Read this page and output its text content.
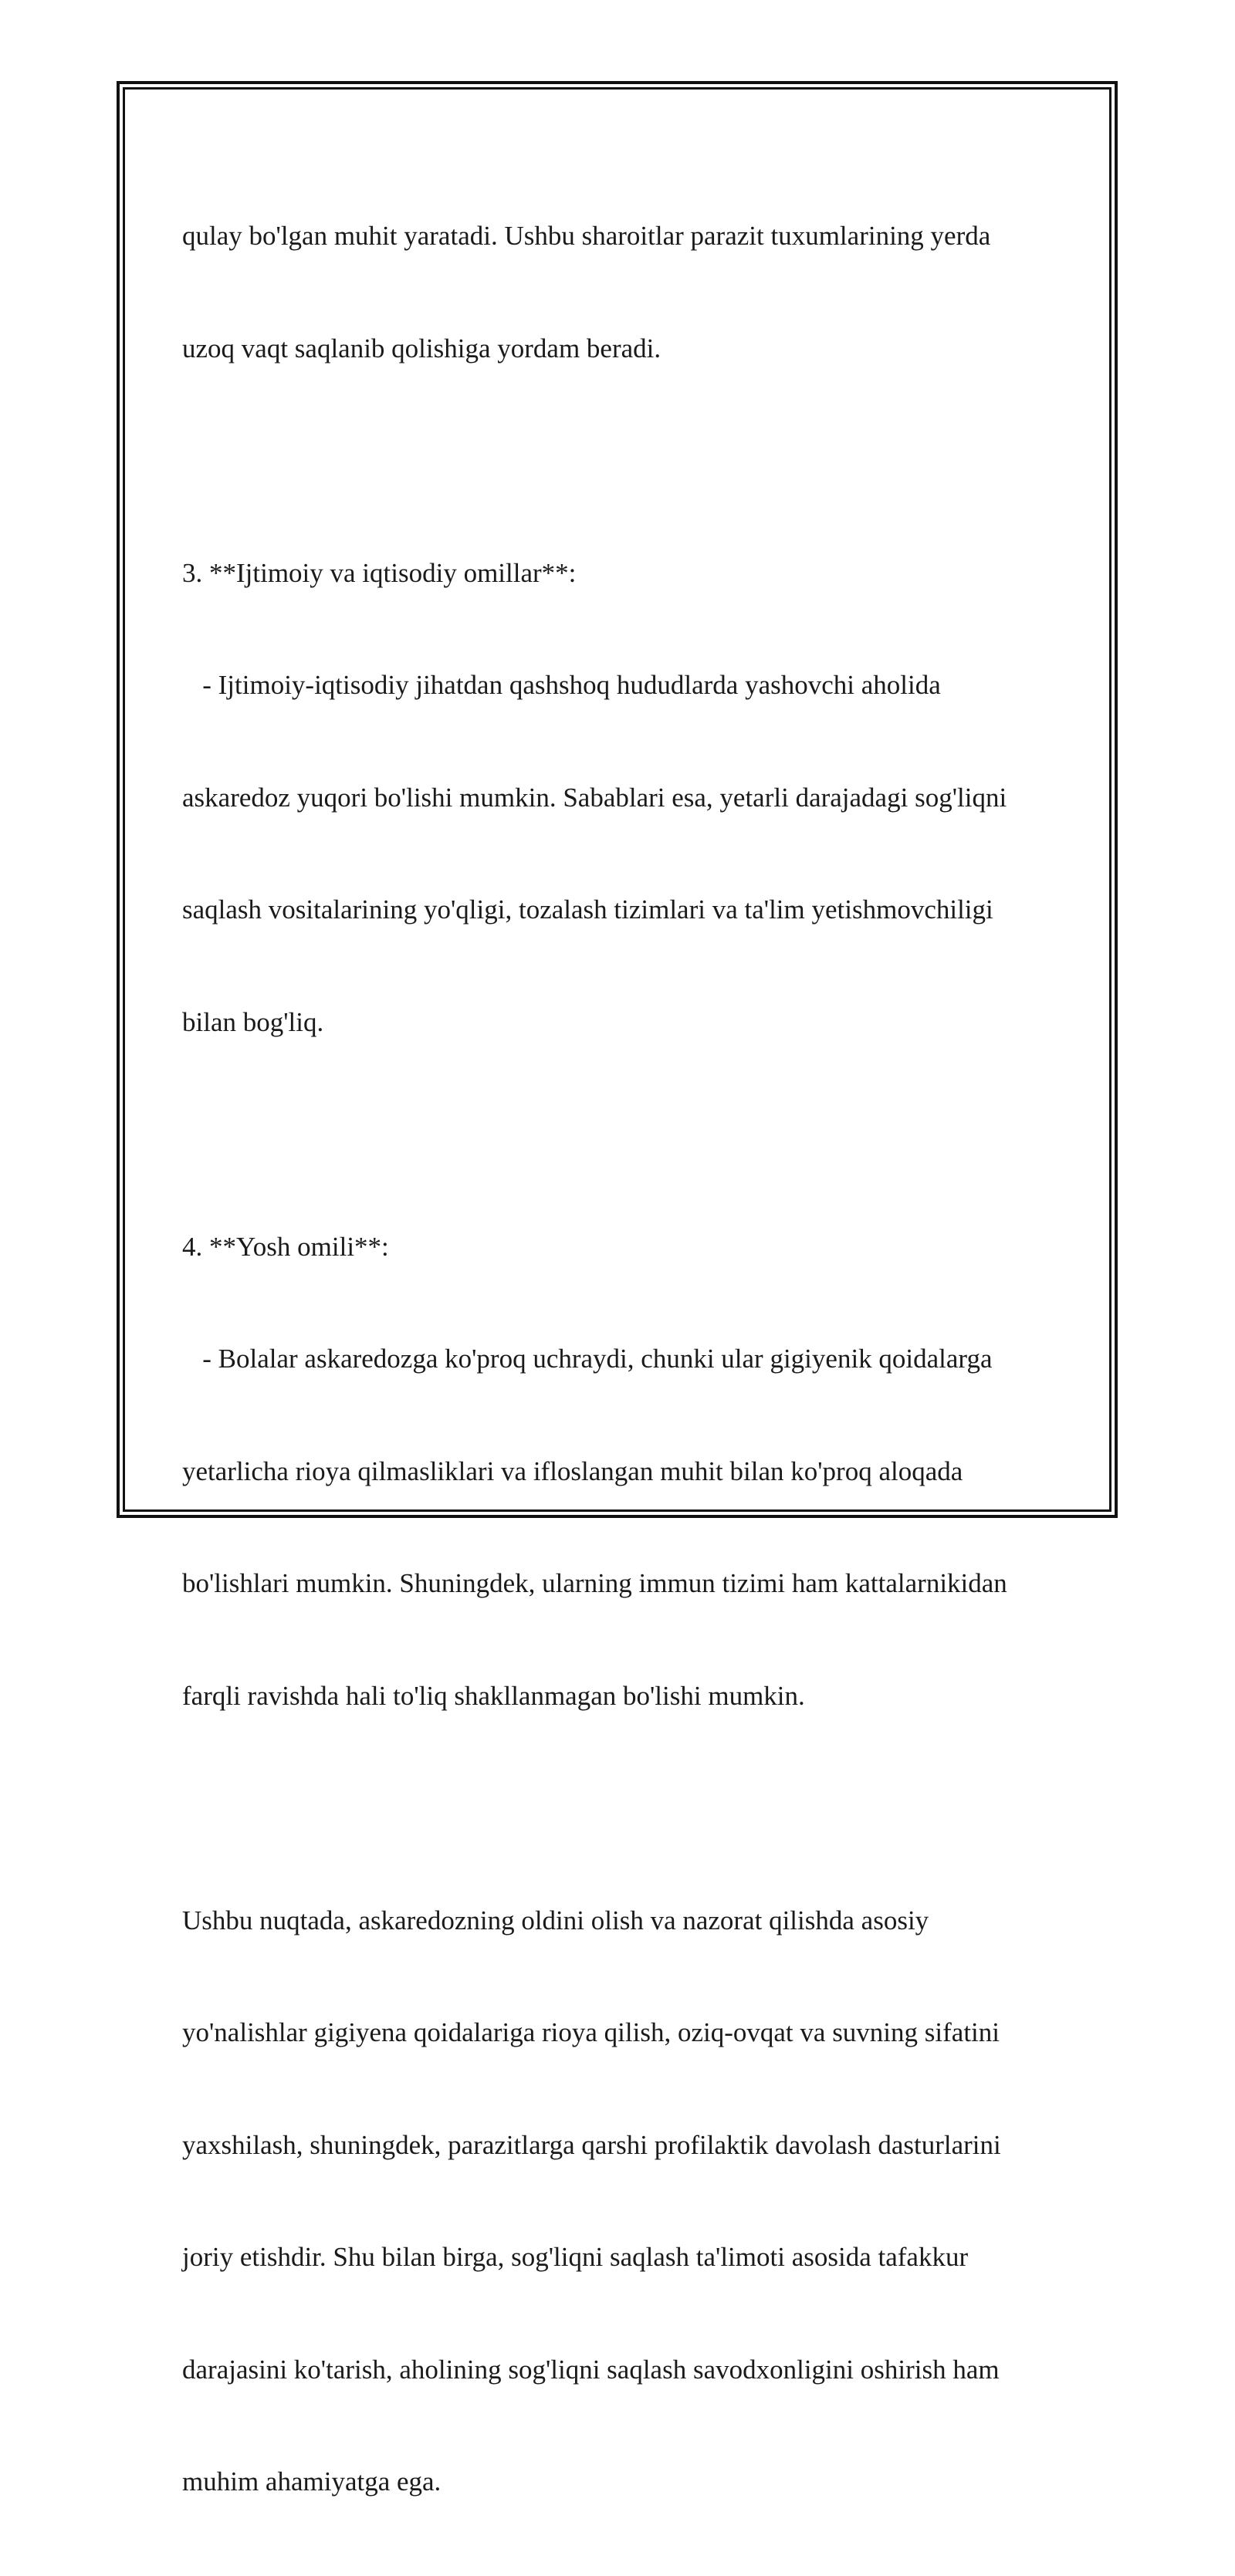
qulay bo'lgan muhit yaratadi. Ushbu sharoitlar parazit tuxumlarining yerda

uzoq vaqt saqlanib qolishiga yordam beradi.

3. **Ijtimoiy va iqtisodiy omillar**:

- Ijtimoiy-iqtisodiy jihatdan qashshoq hududlarda yashovchi aholida

askaredoz yuqori bo'lishi mumkin. Sabablari esa, yetarli darajadagi sog'liqni

saqlash vositalarining yo'qligi, tozalash tizimlari va ta'lim yetishmovchiligi

bilan bog'liq.

4. **Yosh omili**:

- Bolalar askaredozga ko'proq uchraydi, chunki ular gigiyenik qoidalarga

yetarlicha rioya qilmasliklari va ifloslangan muhit bilan ko'proq aloqada

bo'lishlari mumkin. Shuningdek, ularning immun tizimi ham kattalarnikidan

farqli ravishda hali to'liq shakllanmagan bo'lishi mumkin.

Ushbu nuqtada, askaredozning oldini olish va nazorat qilishda asosiy

yo'nalishlar gigiyena qoidalariga rioya qilish, oziq-ovqat va suvning sifatini

yaxshilash, shuningdek, parazitlarga qarshi profilaktik davolash dasturlarini

joriy etishdir. Shu bilan birga, sog'liqni saqlash ta'limoti asosida tafakkur

darajasini ko'tarish, aholining sog'liqni saqlash savodxonligini oshirish ham

muhim ahamiyatga ega.
